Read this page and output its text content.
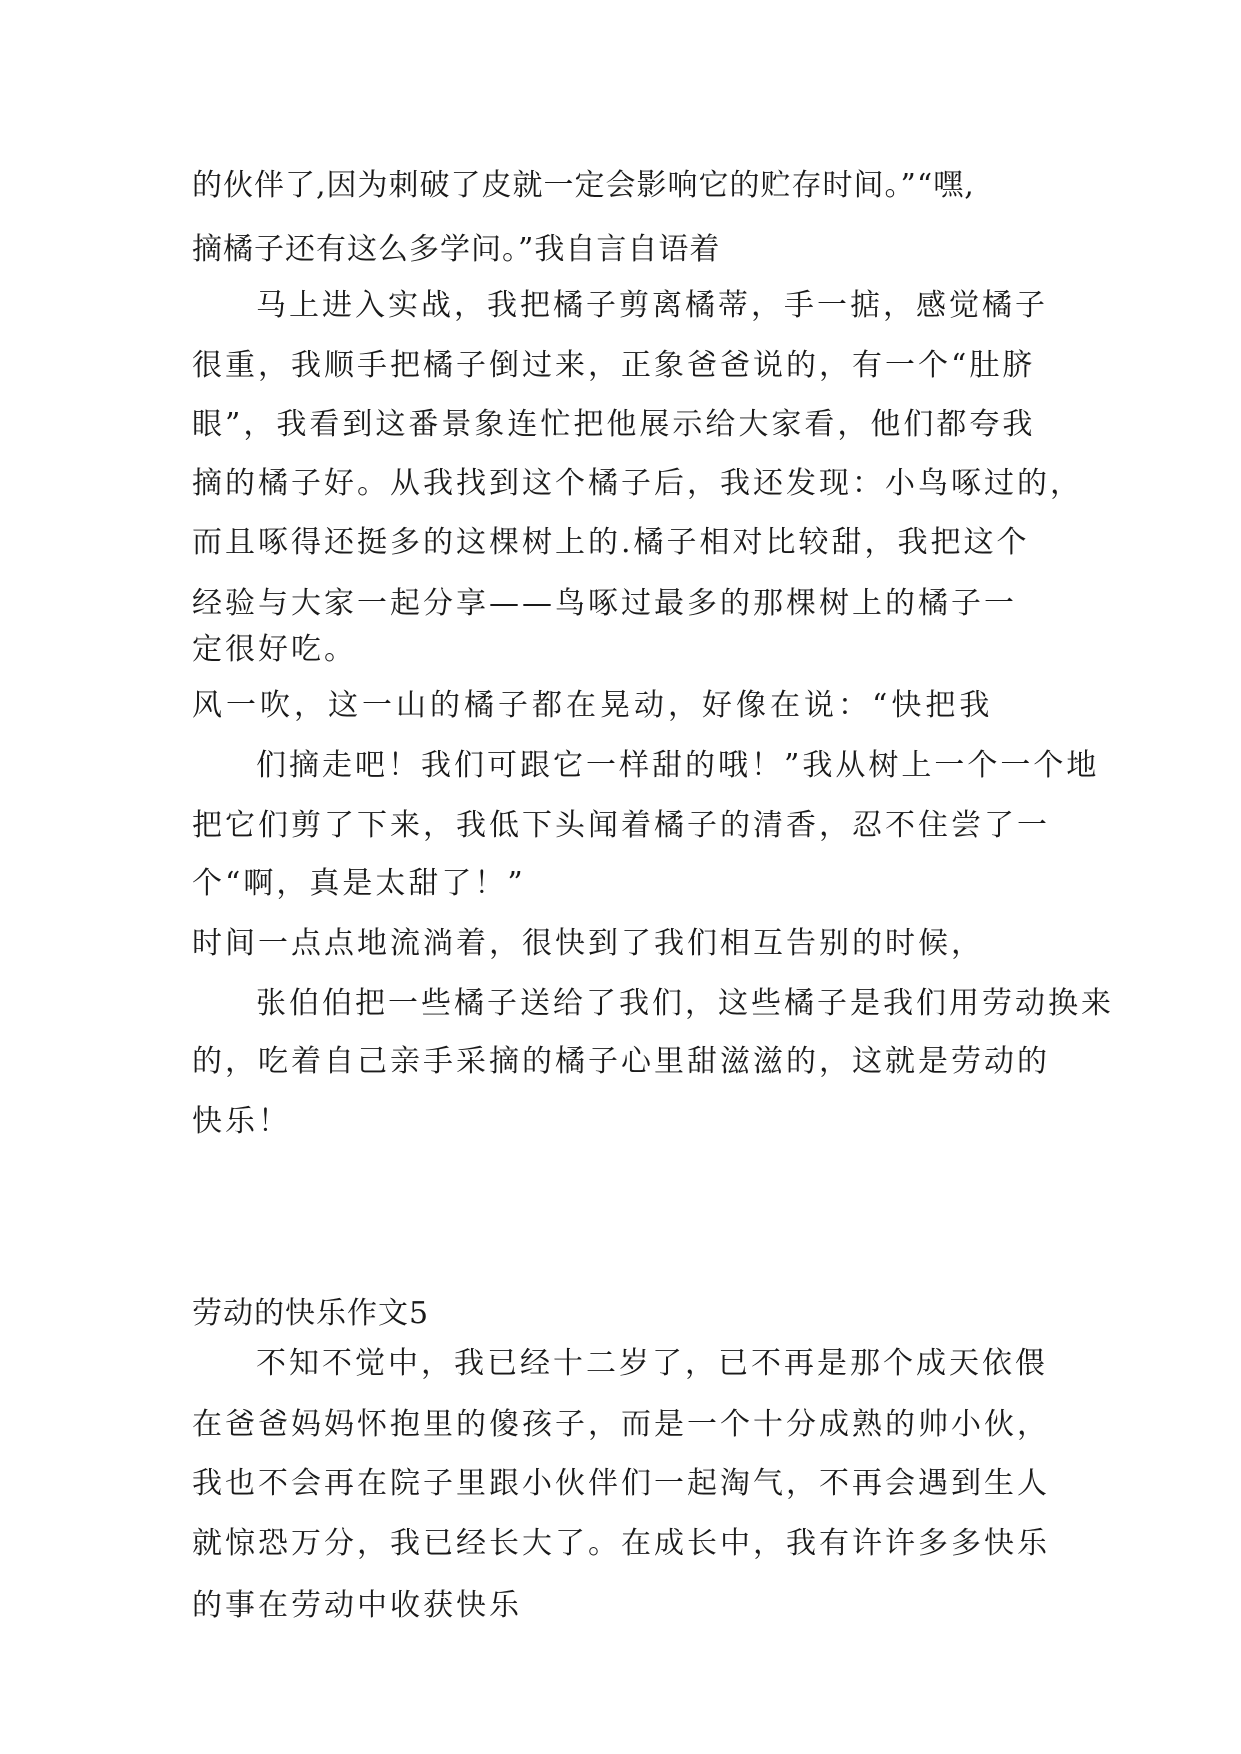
的伙伴了,因为刺破了皮就一定会影响它的贮存时间。”“嘿,
摘橘子还有这么多学问。”我自言自语着
马上进入实战，我把橘子剪离橘蒂，手一掂，感觉橘子
很重，我顺手把橘子倒过来，正象爸爸说的，有一个“肚脐
眼”，我看到这番景象连忙把他展示给大家看，他们都夸我
摘的橘子好。从我找到这个橘子后，我还发现：小鸟啄过的，
而且啄得还挺多的这棵树上的.橘子相对比较甜，我把这个
经验与大家一起分享——鸟啄过最多的那棵树上的橘子一
定很好吃。
风一吹，这一山的橘子都在晃动，好像在说：“快把我
们摘走吧！我们可跟它一样甜的哦！”我从树上一个一个地
把它们剪了下来，我低下头闻着橘子的清香，忍不住尝了一
个“啊，真是太甜了！”
时间一点点地流淌着，很快到了我们相互告别的时候，
张伯伯把一些橘子送给了我们，这些橘子是我们用劳动换来
的，吃着自己亲手采摘的橘子心里甜滋滋的，这就是劳动的
快乐！
劳动的快乐作文5
不知不觉中，我已经十二岁了，已不再是那个成天依偎
在爸爸妈妈怀抱里的傻孩子，而是一个十分成熟的帅小伙，
我也不会再在院子里跟小伙伴们一起淘气，不再会遇到生人
就惊恐万分，我已经长大了。在成长中，我有许许多多快乐
的事在劳动中收获快乐
